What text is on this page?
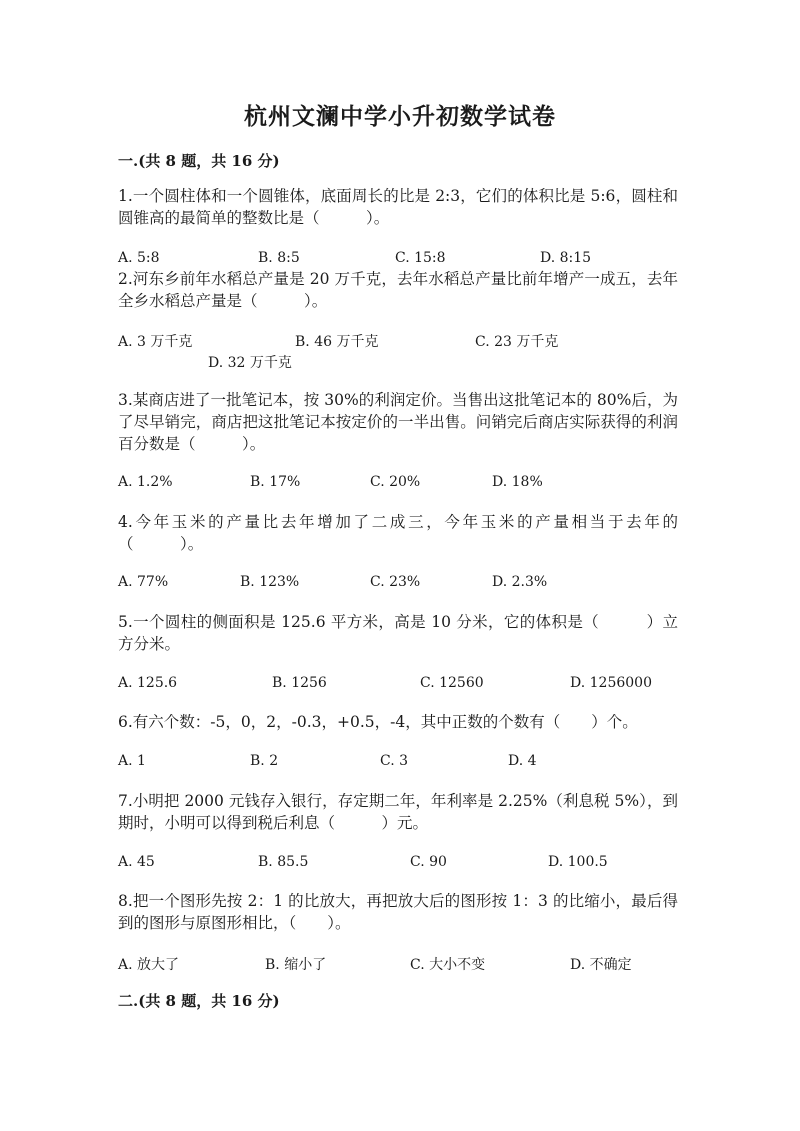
杭州文澜中学小升初数学试卷
一.(共 8 题，共 16 分)
1.一个圆柱体和一个圆锥体，底面周长的比是 2:3，它们的体积比是 5:6，圆柱和圆锥高的最简单的整数比是（　　　）。
A. 5:8	B. 8:5	C. 15:8	D. 8:15
2.河东乡前年水稻总产量是 20 万千克，去年水稻总产量比前年增产一成五，去年全乡水稻总产量是（　　　）。
A. 3 万千克	B. 46 万千克	C. 23 万千克
D. 32 万千克
3.某商店进了一批笔记本，按 30%的利润定价。当售出这批笔记本的 80%后，为了尽早销完，商店把这批笔记本按定价的一半出售。问销完后商店实际获得的利润百分数是（　　　）。
A. 1.2%	B. 17%	C. 20%	D. 18%
4.今年玉米的产量比去年增加了二成三，今年玉米的产量相当于去年的（　　　）。
A. 77%	B. 123%	C. 23%	D. 2.3%
5.一个圆柱的侧面积是 125.6 平方米，高是 10 分米，它的体积是（　　　）立方分米。
A. 125.6	B. 1256	C. 12560	D. 1256000
6.有六个数：-5，0，2，-0.3，+0.5，-4，其中正数的个数有（　　）个。
A. 1	B. 2	C. 3	D. 4
7.小明把 2000 元钱存入银行，存定期二年，年利率是 2.25%（利息税 5%），到期时，小明可以得到税后利息（　　　）元。
A. 45	B. 85.5	C. 90	D. 100.5
8.把一个图形先按 2：1 的比放大，再把放大后的图形按 1：3 的比缩小，最后得到的图形与原图形相比，（　　）。
A. 放大了	B. 缩小了	C. 大小不变	D. 不确定
二.(共 8 题，共 16 分)
